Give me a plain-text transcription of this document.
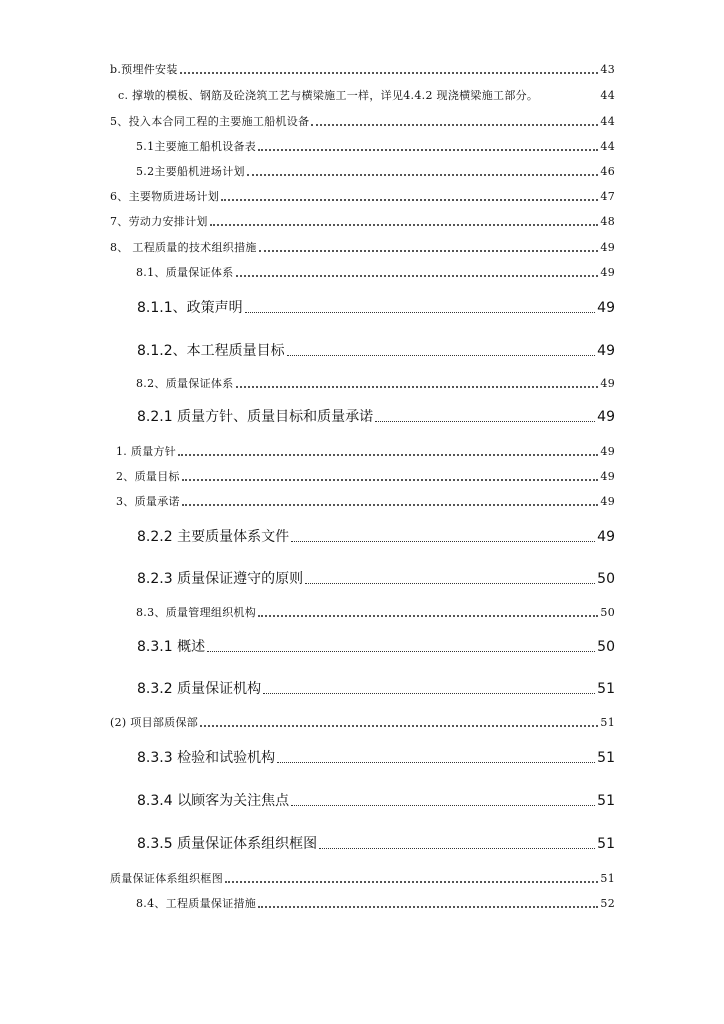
b.预埋件安装	43
c. 撑墩的模板、钢筋及砼浇筑工艺与横梁施工一样，详见4.4.2 现浇横梁施工部分。	44
5、投入本合同工程的主要施工船机设备	44
5.1主要施工船机设备表	44
5.2主要船机进场计划	46
6、主要物质进场计划	47
7、劳动力安排计划	48
8、 工程质量的技术组织措施	49
8.1、质量保证体系	49
8.1.1、政策声明	49
8.1.2、本工程质量目标	49
8.2、质量保证体系	49
8.2.1 质量方针、质量目标和质量承诺	49
1. 质量方针	49
2、质量目标	49
3、质量承诺	49
8.2.2 主要质量体系文件	49
8.2.3 质量保证遵守的原则	50
8.3、质量管理组织机构	50
8.3.1 概述	50
8.3.2 质量保证机构	51
(2) 项目部质保部	51
8.3.3 检验和试验机构	51
8.3.4 以顾客为关注焦点	51
8.3.5 质量保证体系组织框图	51
质量保证体系组织框图	51
8.4、工程质量保证措施	52
